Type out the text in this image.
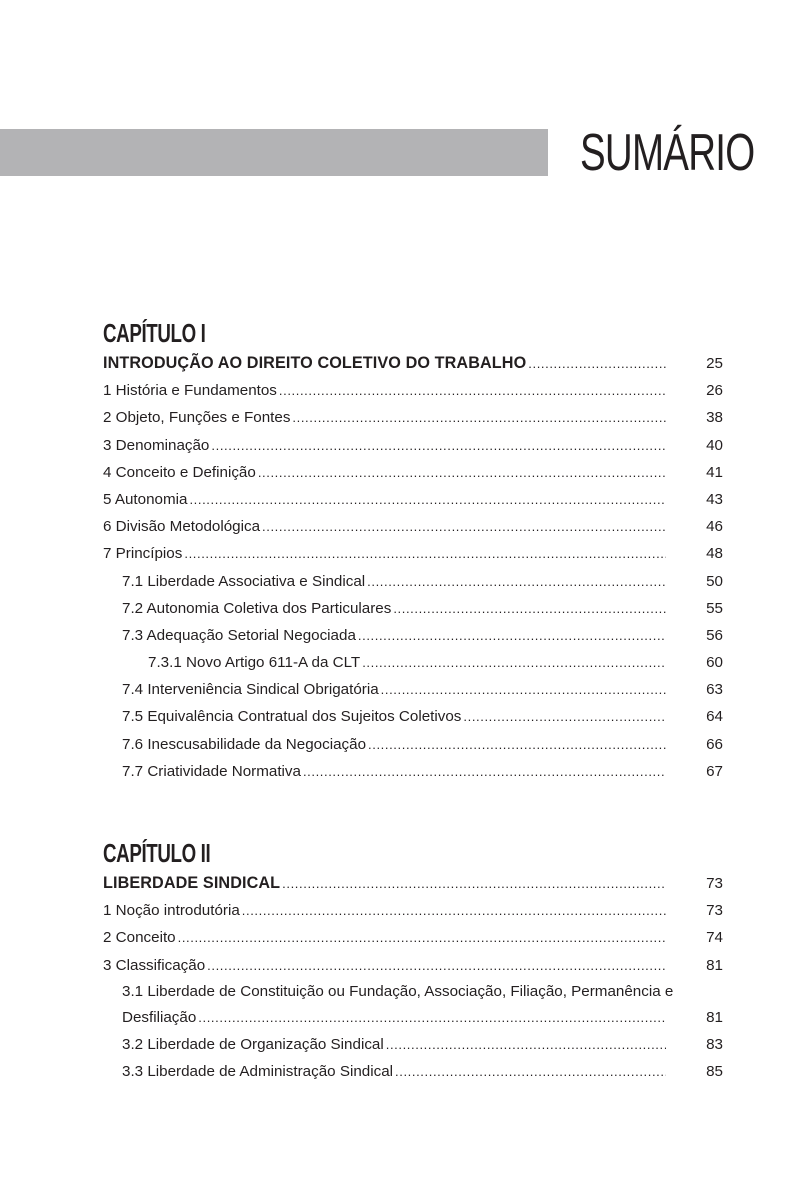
SUMÁRIO
CAPÍTULO I
INTRODUÇÃO AO DIREITO COLETIVO DO TRABALHO .....	25
1 História e Fundamentos .....	26
2 Objeto, Funções e Fontes .....	38
3 Denominação .....	40
4 Conceito e Definição .....	41
5 Autonomia .....	43
6 Divisão Metodológica .....	46
7 Princípios .....	48
7.1 Liberdade Associativa e Sindical .....	50
7.2 Autonomia Coletiva dos Particulares .....	55
7.3 Adequação Setorial Negociada .....	56
7.3.1 Novo Artigo 611-A da CLT .....	60
7.4 Interveniência Sindical Obrigatória .....	63
7.5 Equivalência Contratual dos Sujeitos Coletivos .....	64
7.6 Inescusabilidade da Negociação .....	66
7.7 Criatividade Normativa .....	67
CAPÍTULO II
LIBERDADE SINDICAL .....	73
1 Noção introdutória .....	73
2 Conceito .....	74
3 Classificação .....	81
3.1 Liberdade de Constituição ou Fundação, Associação, Filiação, Permanência e
Desfiliação .....	81
3.2 Liberdade de Organização Sindical .....	83
3.3 Liberdade de Administração Sindical .....	85
